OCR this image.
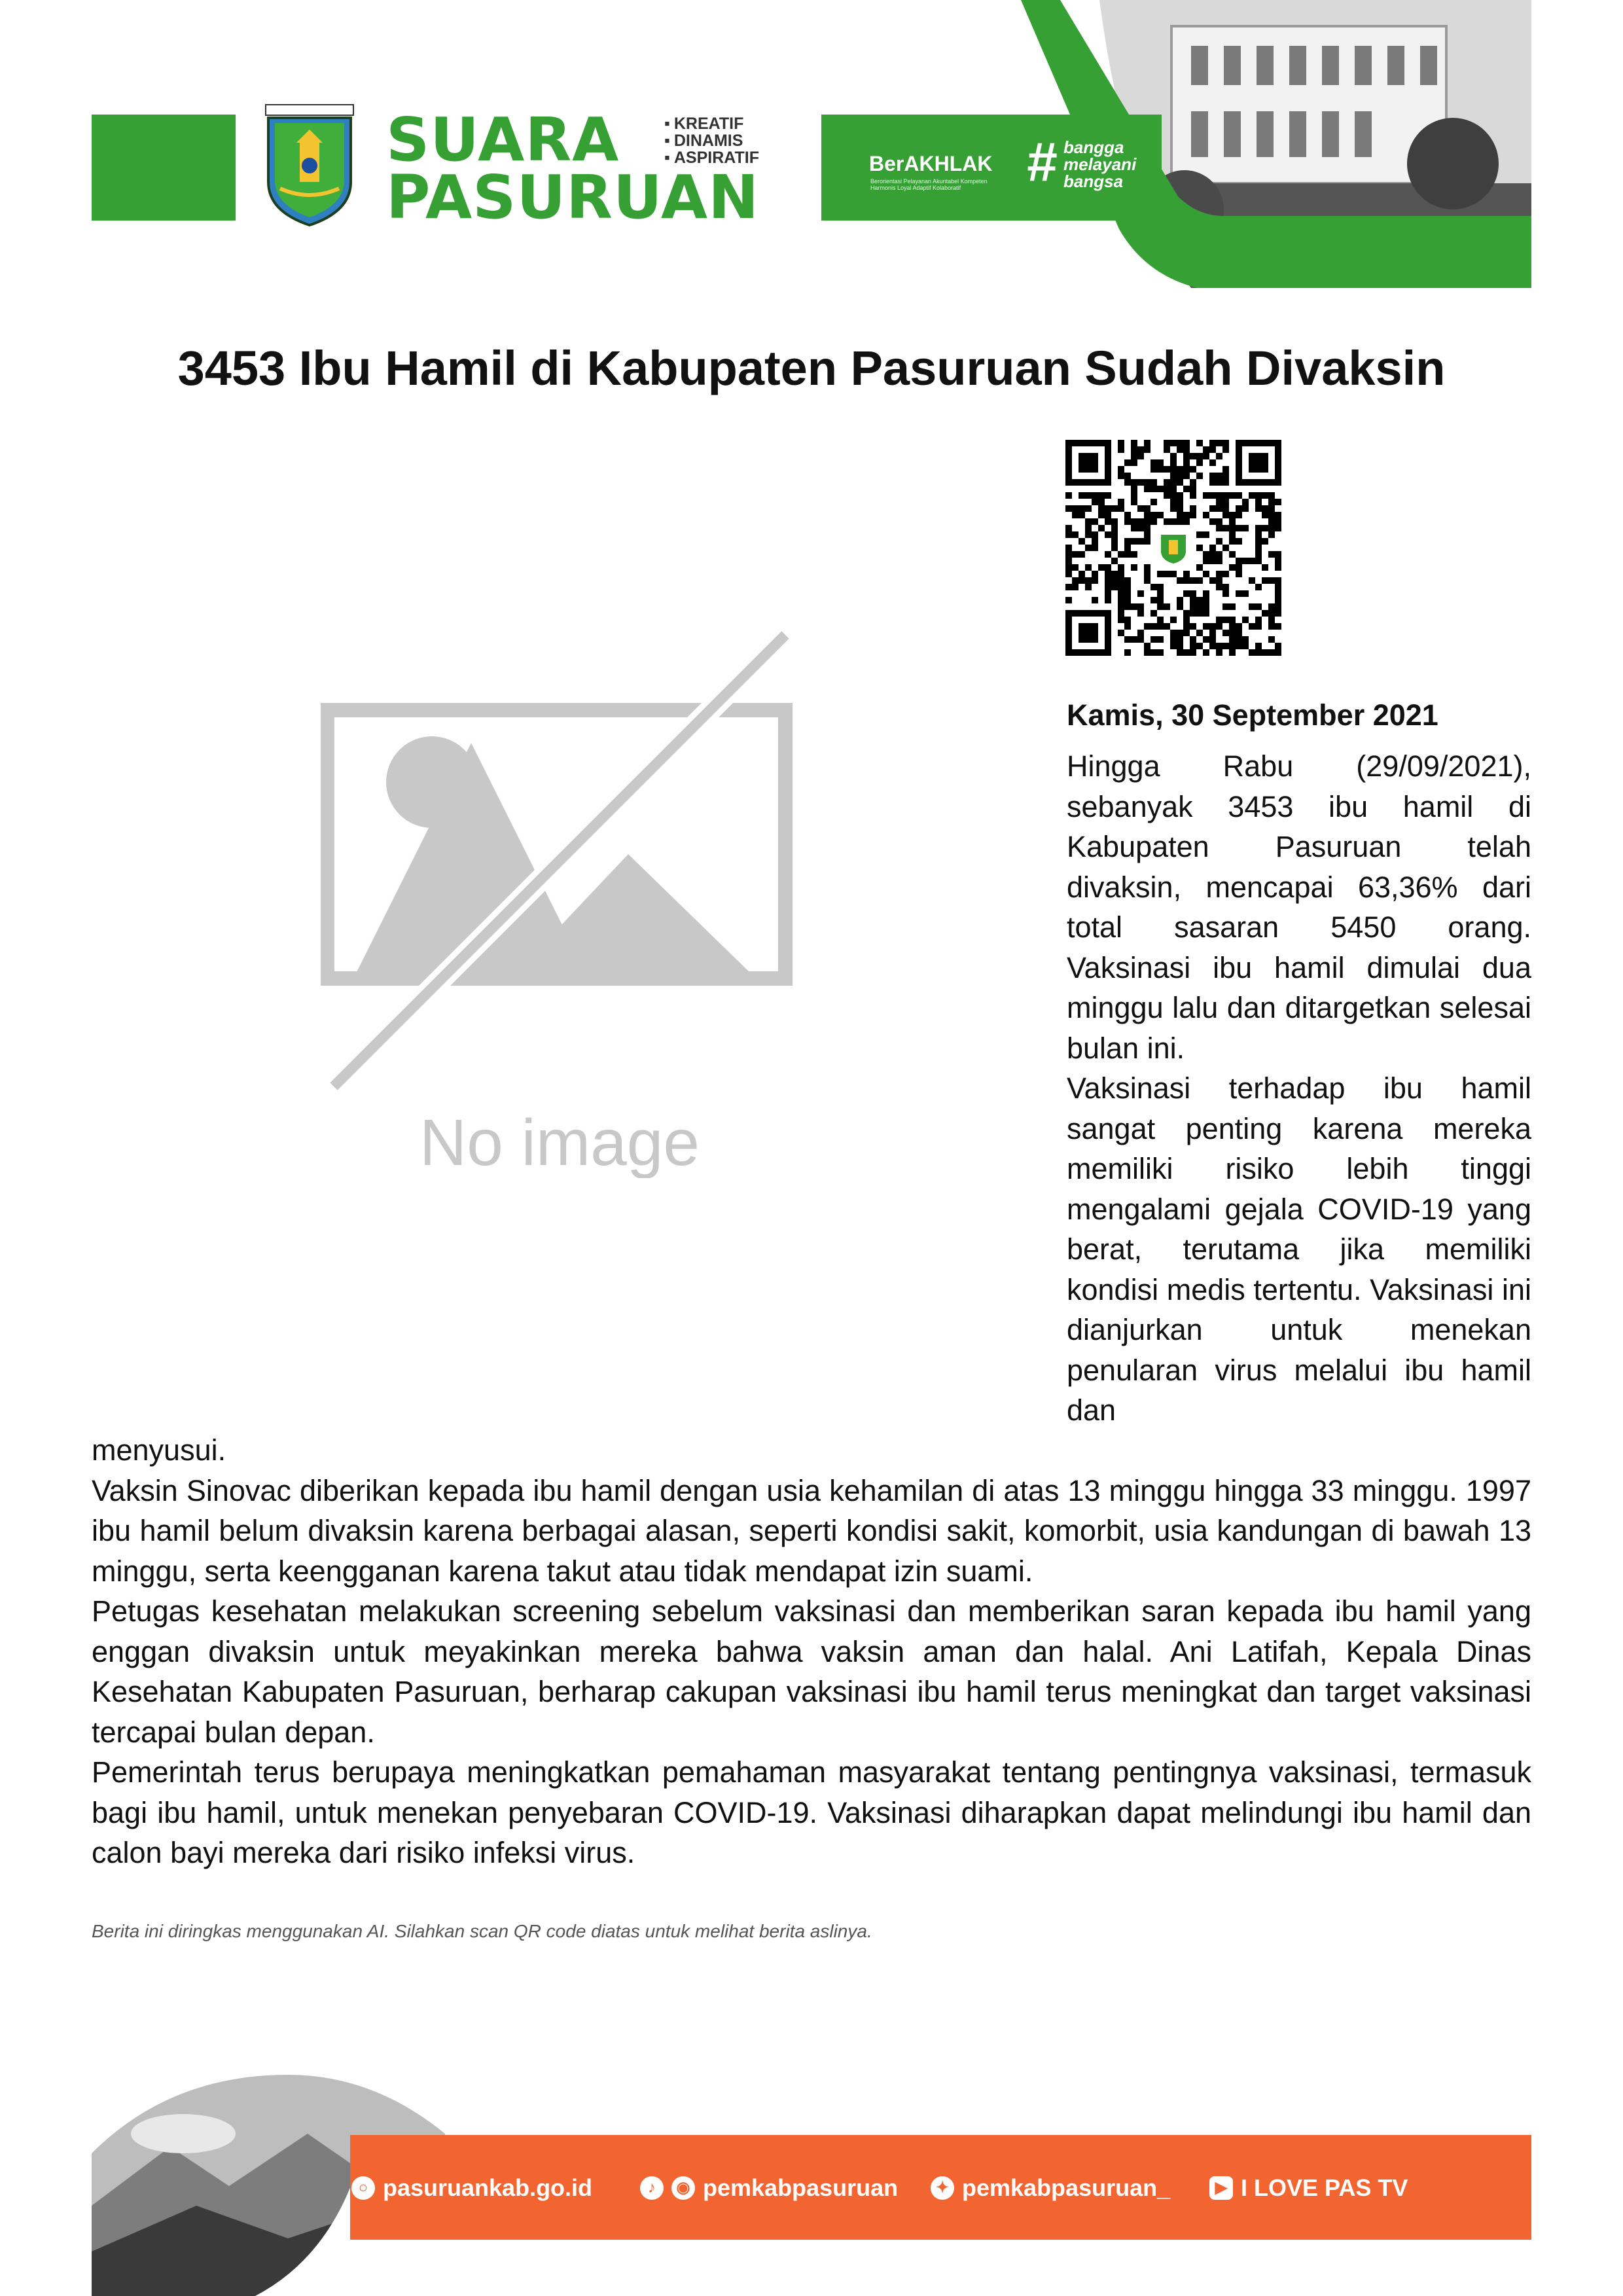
SUARA
PASURUAN
▪ KREATIF
▪ DINAMIS
▪ ASPIRATIF	BerAKHLAK
Berorientasi Pelayanan Akuntabel Kompeten Harmonis Loyal Adaptif Kolaboratif	# bangga
melayani
bangsa
3453 Ibu Hamil di Kabupaten Pasuruan Sudah Divaksin
No image
Kamis, 30 September 2021

Hingga Rabu (29/09/2021), sebanyak 3453 ibu hamil di Kabupaten Pasuruan telah divaksin, mencapai 63,36% dari total sasaran 5450 orang. Vaksinasi ibu hamil dimulai dua minggu lalu dan ditargetkan selesai bulan ini.

Vaksinasi terhadap ibu hamil sangat penting karena mereka memiliki risiko lebih tinggi mengalami gejala COVID-19 yang berat, terutama jika memiliki kondisi medis tertentu. Vaksinasi ini dianjurkan untuk menekan penularan virus melalui ibu hamil dan

menyusui.

Vaksin Sinovac diberikan kepada ibu hamil dengan usia kehamilan di atas 13 minggu hingga 33 minggu. 1997 ibu hamil belum divaksin karena berbagai alasan, seperti kondisi sakit, komorbit, usia kandungan di bawah 13 minggu, serta keengganan karena takut atau tidak mendapat izin suami.

Petugas kesehatan melakukan screening sebelum vaksinasi dan memberikan saran kepada ibu hamil yang enggan divaksin untuk meyakinkan mereka bahwa vaksin aman dan halal. Ani Latifah, Kepala Dinas Kesehatan Kabupaten Pasuruan, berharap cakupan vaksinasi ibu hamil terus meningkat dan target vaksinasi tercapai bulan depan.

Pemerintah terus berupaya meningkatkan pemahaman masyarakat tentang pentingnya vaksinasi, termasuk bagi ibu hamil, untuk menekan penyebaran COVID-19. Vaksinasi diharapkan dapat melindungi ibu hamil dan calon bayi mereka dari risiko infeksi virus.

Berita ini diringkas menggunakan AI. Silahkan scan QR code diatas untuk melihat berita aslinya.
○ pasuruankab.go.id	♪	◉ pemkabpasuruan	✦ pemkabpasuruan_	▶ I LOVE PAS TV
